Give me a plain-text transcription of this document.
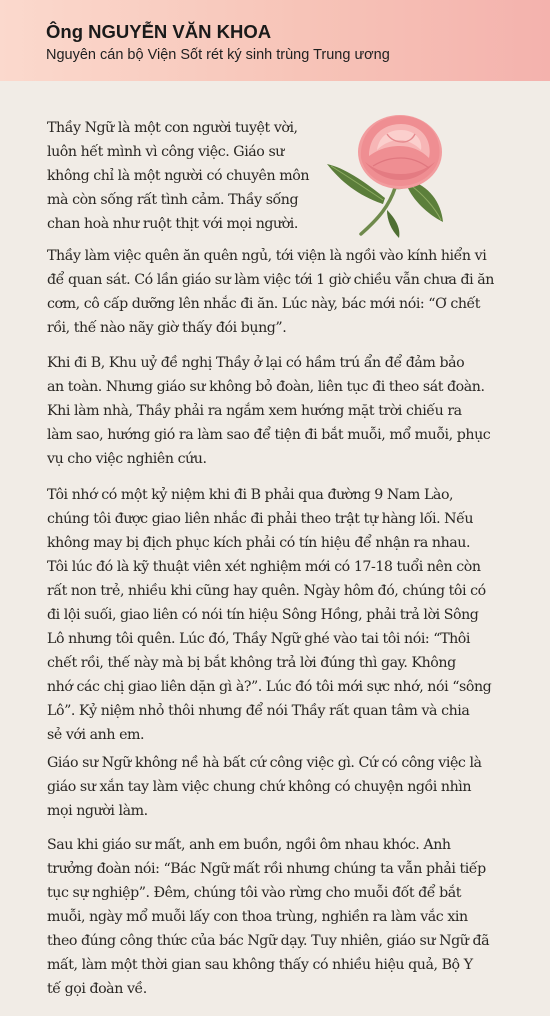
Ông NGUYỄN VĂN KHOA
Nguyên cán bộ Viện Sốt rét ký sinh trùng Trung ương

Thầy Ngữ là một con người tuyệt vời,
luôn hết mình vì công việc. Giáo sư
không chỉ là một người có chuyên môn
mà còn sống rất tình cảm. Thầy sống
chan hoà như ruột thịt với mọi người.

Thầy làm việc quên ăn quên ngủ, tới viện là ngồi vào kính hiển vi
để quan sát. Có lần giáo sư làm việc tới 1 giờ chiều vẫn chưa đi ăn
cơm, cô cấp dưỡng lên nhắc đi ăn. Lúc này, bác mới nói: “Ơ chết
rồi, thế nào nãy giờ thấy đói bụng”.

Khi đi B, Khu uỷ đề nghị Thầy ở lại có hầm trú ẩn để đảm bảo
an toàn. Nhưng giáo sư không bỏ đoàn, liên tục đi theo sát đoàn.
Khi làm nhà, Thầy phải ra ngắm xem hướng mặt trời chiếu ra
làm sao, hướng gió ra làm sao để tiện đi bắt muỗi, mổ muỗi, phục
vụ cho việc nghiên cứu.

Tôi nhớ có một kỷ niệm khi đi B phải qua đường 9 Nam Lào,
chúng tôi được giao liên nhắc đi phải theo trật tự hàng lối. Nếu
không may bị địch phục kích phải có tín hiệu để nhận ra nhau.
Tôi lúc đó là kỹ thuật viên xét nghiệm mới có 17-18 tuổi nên còn
rất non trẻ, nhiều khi cũng hay quên. Ngày hôm đó, chúng tôi có
đi lội suối, giao liên có nói tín hiệu Sông Hồng, phải trả lời Sông
Lô nhưng tôi quên. Lúc đó, Thầy Ngữ ghé vào tai tôi nói: “Thôi
chết rồi, thế này mà bị bắt không trả lời đúng thì gay. Không
nhớ các chị giao liên dặn gì à?”. Lúc đó tôi mới sực nhớ, nói “sông
Lô”. Kỷ niệm nhỏ thôi nhưng để nói Thầy rất quan tâm và chia
sẻ với anh em.

Giáo sư Ngữ không nề hà bất cứ công việc gì. Cứ có công việc là
giáo sư xắn tay làm việc chung chứ không có chuyện ngồi nhìn
mọi người làm.

Sau khi giáo sư mất, anh em buồn, ngồi ôm nhau khóc. Anh
trưởng đoàn nói: “Bác Ngữ mất rồi nhưng chúng ta vẫn phải tiếp
tục sự nghiệp”. Đêm, chúng tôi vào rừng cho muỗi đốt để bắt
muỗi, ngày mổ muỗi lấy con thoa trùng, nghiền ra làm vắc xin
theo đúng công thức của bác Ngữ dạy. Tuy nhiên, giáo sư Ngữ đã
mất, làm một thời gian sau không thấy có nhiều hiệu quả, Bộ Y
tế gọi đoàn về.
